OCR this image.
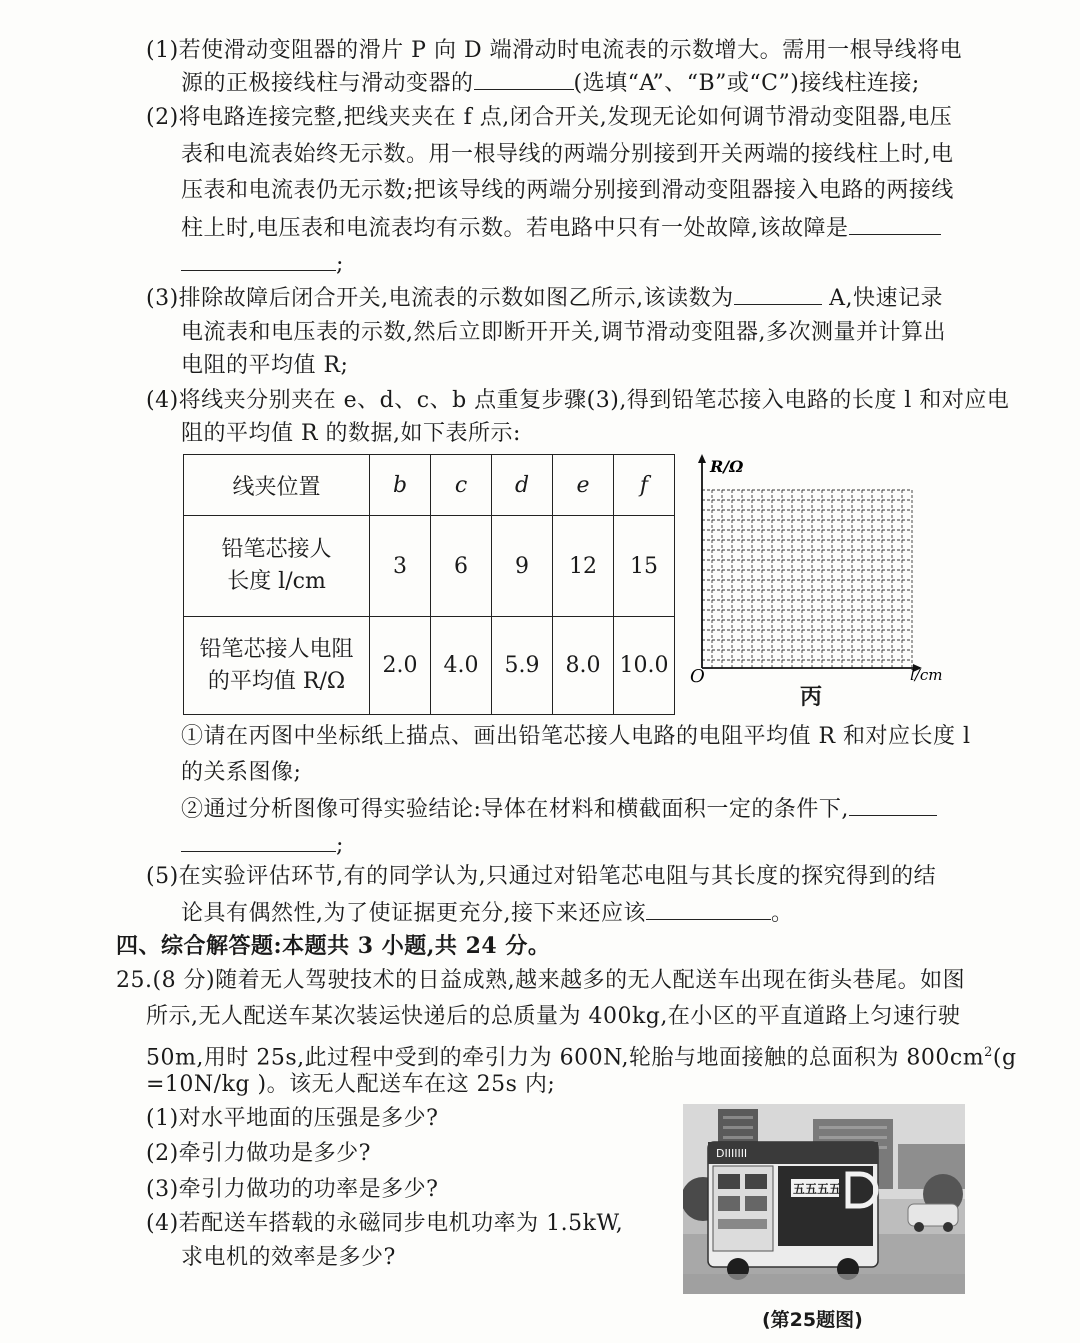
(1)若使滑动变阻器的滑片 P 向 D 端滑动时电流表的示数增大。需用一根导线将电
源的正极接线柱与滑动变器的	(选填“A”、“B”或“C”)接线柱连接;
(2)将电路连接完整,把线夹夹在 f 点,闭合开关,发现无论如何调节滑动变阻器,电压
表和电流表始终无示数。用一根导线的两端分别接到开关两端的接线柱上时,电
压表和电流表仍无示数;把该导线的两端分别接到滑动变阻器接入电路的两接线
柱上时,电压表和电流表均有示数。若电路中只有一处故障,该故障是
;
(3)排除故障后闭合开关,电流表的示数如图乙所示,该读数为	A,快速记录
电流表和电压表的示数,然后立即断开开关,调节滑动变阻器,多次测量并计算出
电阻的平均值 R;
(4)将线夹分别夹在 e、d、c、b 点重复步骤(3),得到铅笔芯接入电路的长度 l 和对应电
阻的平均值 R 的数据,如下表所示:
线夹位置	b	c	d	e	f

铅笔芯接人
长度 l/cm	3	6	9	12	15

铅笔芯接人电阻
的平均值 R/Ω	2.0	4.0	5.9	8.0	10.0
R/Ω
l/cm
O
丙
①请在丙图中坐标纸上描点、画出铅笔芯接人电路的电阻平均值 R 和对应长度 l
的关系图像;
②通过分析图像可得实验结论:导体在材料和横截面积一定的条件下,
;
(5)在实验评估环节,有的同学认为,只通过对铅笔芯电阻与其长度的探究得到的结
论具有偶然性,为了使证据更充分,接下来还应该	。
四、综合解答题:本题共 3 小题,共 24 分。
25.(8 分)随着无人驾驶技术的日益成熟,越来越多的无人配送车出现在街头巷尾。如图
所示,无人配送车某次装运快递后的总质量为 400kg,在小区的平直道路上匀速行驶
50m,用时 25s,此过程中受到的牵引力为 600N,轮胎与地面接触的总面积为 $800cm^2(g$
=10N/kg )。该无人配送车在这 25s 内;
(1)对水平地面的压强是多少?
(2)牵引力做功是多少?
(3)牵引力做功的功率是多少?
(4)若配送车搭载的永磁同步电机功率为 1.5kW,
求电机的效率是多少?
DIIIIIII
五五五五
(第25题图)
